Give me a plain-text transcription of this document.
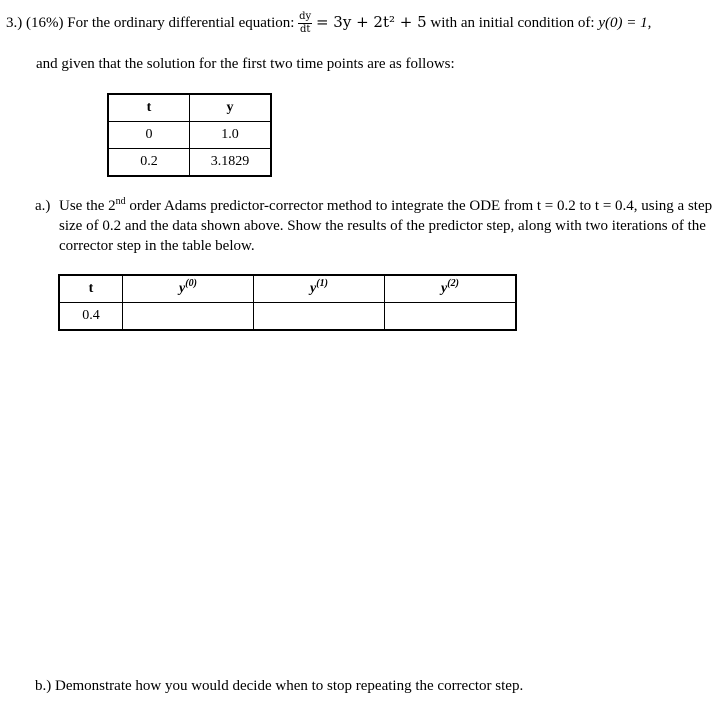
3.) (16%) For the ordinary differential equation: $\frac{dy}{dt} = 3y + 2t^2 + 5$ with an initial condition of: y(0) = 1,
and given that the solution for the first two time points are as follows:
t	y
0	1.0
0.2	3.1829
a.) Use the 2nd order Adams predictor-corrector method to integrate the ODE from t = 0.2 to t = 0.4, using a step size of 0.2 and the data shown above. Show the results of the predictor step, along with two iterations of the corrector step in the table below.
t	$y^{(0)}$	$y^{(1)}$	$y^{(2)}$
0.4			
b.) Demonstrate how you would decide when to stop repeating the corrector step.
